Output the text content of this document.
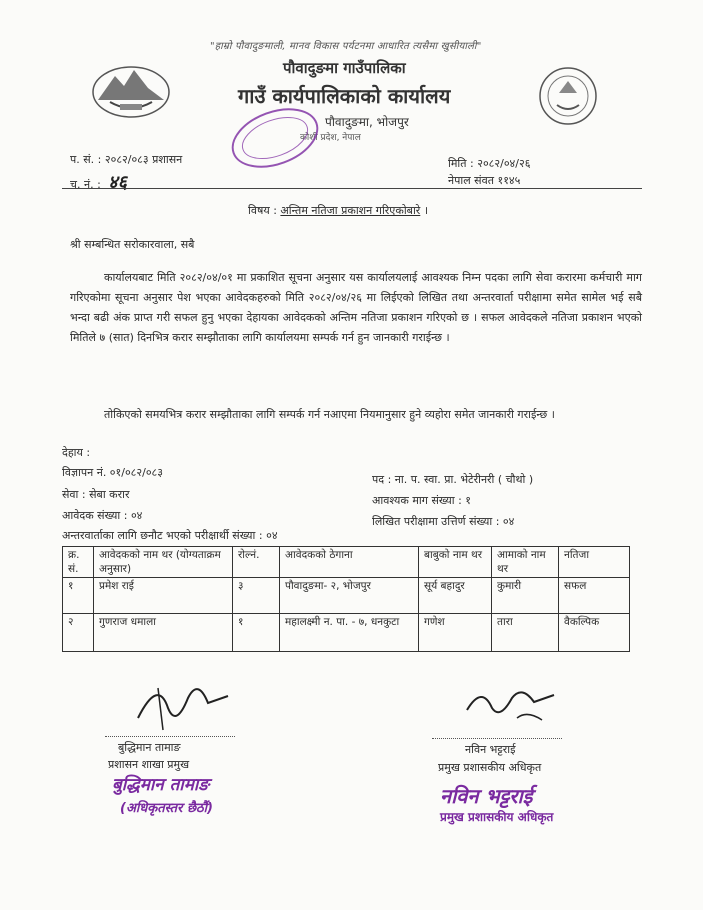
"हाम्रो पौवादुङमाली, मानव विकास पर्यटनमा आधारित त्यसैमा खुसीयाली"
पौवादुङमा गाउँपालिका
गाउँ कार्यपालिकाको कार्यालय
पौवादुङमा, भोजपुर
कोशी प्रदेश, नेपाल
प. सं. : २०८२/०८३ प्रशासन
च. नं. : ४६
मिति : २०८२/०४/२६
नेपाल संवत ११४५
विषय : अन्तिम नतिजा प्रकाशन गरिएकोबारे ।
श्री सम्बन्धित सरोकारवाला, सबै
कार्यालयबाट मिति २०८२/०४/०१ मा प्रकाशित सूचना अनुसार यस कार्यालयलाई आवश्यक निम्न पदका लागि सेवा करारमा कर्मचारी माग गरिएकोमा सूचना अनुसार पेश भएका आवेदकहरुको मिति २०८२/०४/२६ मा लिईएको लिखित तथा अन्तरवार्ता परीक्षामा समेत सामेल भई सबै भन्दा बढी अंक प्राप्त गरी सफल हुनु भएका देहायका आवेदकको अन्तिम नतिजा प्रकाशन गरिएको छ । सफल आवेदकले नतिजा प्रकाशन भएको मितिले ७ (सात) दिनभित्र करार सम्झौताका लागि कार्यालयमा सम्पर्क गर्न हुन जानकारी गराईन्छ ।
तोकिएको समयभित्र करार सम्झौताका लागि सम्पर्क गर्न नआएमा नियमानुसार हुने व्यहोरा समेत जानकारी गराईन्छ ।
देहाय :
विज्ञापन नं. ०१/०८२/०८३
सेवा : सेबा करार
आवेदक संख्या : ०४
अन्तरवार्ताका लागि छनौट भएको परीक्षार्थी संख्या : ०४
पद : ना. प. स्वा. प्रा. भेटेरीनरी ( चौथो )
आवश्यक माग संख्या : १
लिखित परीक्षामा उत्तिर्ण संख्या : ०४
क्र. सं.	आवेदकको नाम थर (योग्यताक्रम अनुसार)	रोल्नं.	आवेदकको ठेगाना	बाबुको नाम थर	आमाको नाम थर	नतिजा
१	प्रमेश राई	३	पौवादुङमा- २, भोजपुर	सूर्य बहादुर	कुमारी	सफल
२	गुणराज धमाला	१	महालक्ष्मी न. पा. - ७, धनकुटा	गणेश	तारा	वैकल्पिक
बुद्धिमान तामाङ
प्रशासन शाखा प्रमुख
बुद्धिमान तामाङ
(अधिकृतस्तर छैठौं)
नविन भट्टराई
प्रमुख प्रशासकीय अधिकृत
नविन भट्टराई
प्रमुख प्रशासकीय अधिकृत
